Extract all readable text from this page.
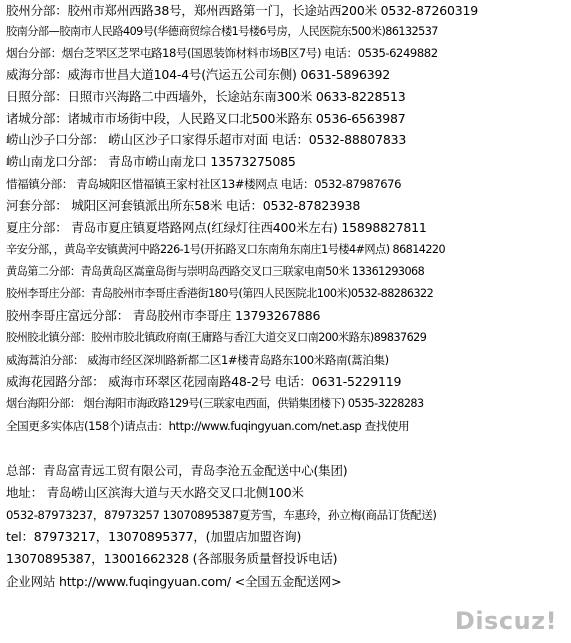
胶州分部：胶州市郑州西路38号，郑州西路第一门，长途站西200米 0532-87260319
胶南分部—胶南市人民路409号(华德商贸综合楼1号楼6号房，人民医院东500米)86132537
烟台分部：烟台芝罘区芝罘屯路18号(国恩装饰材料市场B区7号) 电话：0535-6249882
威海分部：威海市世昌大道104-4号(汽运五公司东侧) 0631-5896392
日照分部：日照市兴海路二中西墙外，长途站东南300米 0633-8228513
诸城分部：诸城市市场街中段，人民路叉口北500米路东 0536-6563987
崂山沙子口分部： 崂山区沙子口家得乐超市对面 电话：0532-88807833
崂山南龙口分部： 青岛市崂山南龙口 13573275085
惜福镇分部： 青岛城阳区惜福镇王家村社区13#楼网点 电话：0532-87987676
河套分部： 城阳区河套镇派出所东58米 电话：0532-87823938
夏庄分部： 青岛市夏庄镇夏塔路网点(红绿灯往西400米左右) 15898827811
辛安分部，，黄岛辛安镇黄河中路226-1号(开拓路叉口东南角东南庄1号楼4#网点) 86814220
黄岛第二分部：青岛黄岛区嵩童岛街与崇明岛西路交叉口三联家电南50米 13361293068
胶州李哥庄分部：青岛胶州市李哥庄香港街180号(第四人民医院北100米)0532-88286322
胶州李哥庄富远分部： 青岛胶州市李哥庄 13793267886
胶州胶北镇分部：胶州市胶北镇政府南(王庸路与香江大道交叉口南200米路东)89837629
威海蒿泊分部： 威海市经区深圳路新都二区1#楼青岛路东100米路南(蒿泊集)
威海花园路分部： 威海市环翠区花园南路48-2号 电话：0631-5229119
烟台海阳分部： 烟台海阳市海政路129号(三联家电西面，供销集团楼下) 0535-3228283
全国更多实体店(158个)请点击：http://www.fuqingyuan.com/net.asp 查找使用
总部：青岛富青远工贸有限公司，青岛李沧五金配送中心(集团)
地址： 青岛崂山区滨海大道与天水路交叉口北侧100米
0532-87973237，87973257 13070895387夏芳雪，车惠玲，孙立梅(商品订货配送)
tel：87973217，13070895377，(加盟店加盟咨询)
13070895387，13001662328 (各部服务质量督投诉电话)
企业网站 http://www.fuqingyuan.com/ <全国五金配送网>
Discuz!
